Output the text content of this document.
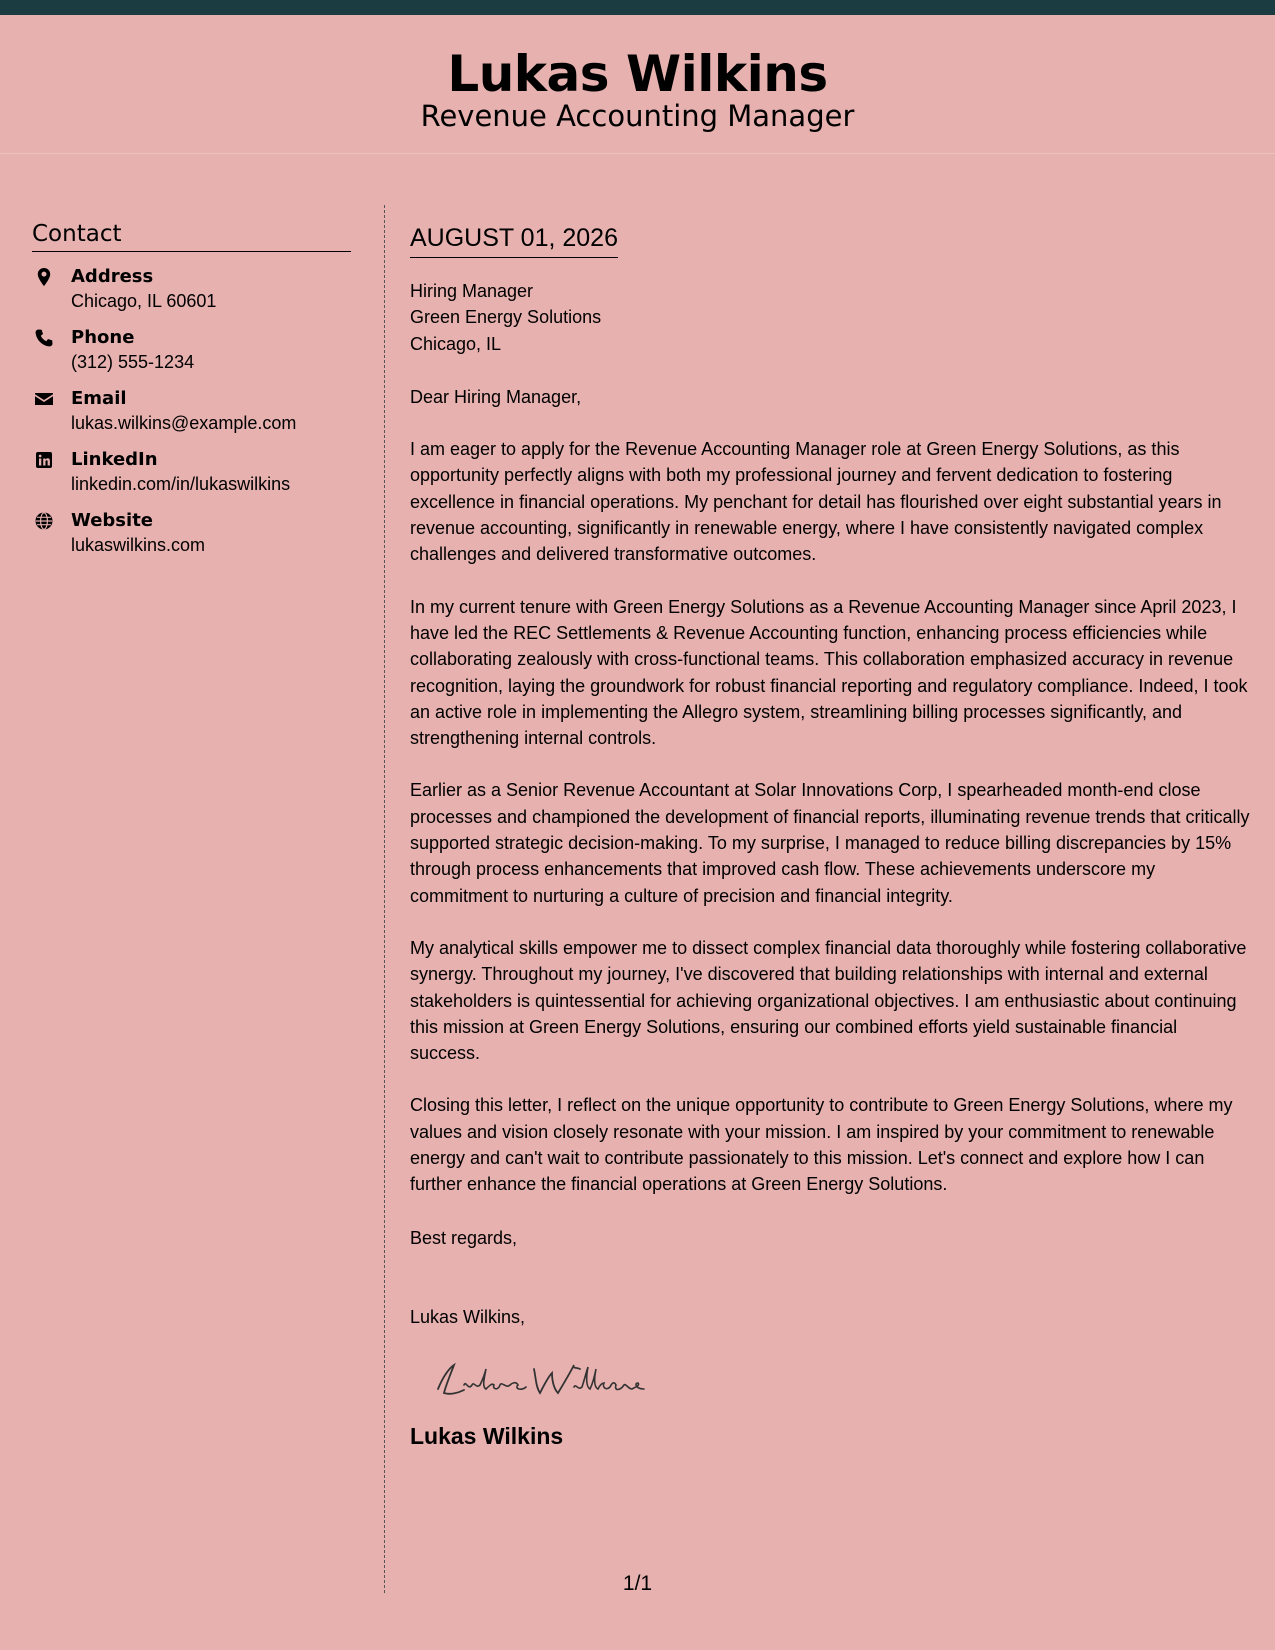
Lukas Wilkins
Revenue Accounting Manager
Contact
Address
Chicago, IL 60601
Phone
(312) 555-1234
Email
lukas.wilkins@example.com
LinkedIn
linkedin.com/in/lukaswilkins
Website
lukaswilkins.com
AUGUST 01, 2026
Hiring Manager
Green Energy Solutions
Chicago, IL
Dear Hiring Manager,
I am eager to apply for the Revenue Accounting Manager role at Green Energy Solutions, as this opportunity perfectly aligns with both my professional journey and fervent dedication to fostering excellence in financial operations. My penchant for detail has flourished over eight substantial years in revenue accounting, significantly in renewable energy, where I have consistently navigated complex challenges and delivered transformative outcomes.
In my current tenure with Green Energy Solutions as a Revenue Accounting Manager since April 2023, I have led the REC Settlements & Revenue Accounting function, enhancing process efficiencies while collaborating zealously with cross-functional teams. This collaboration emphasized accuracy in revenue recognition, laying the groundwork for robust financial reporting and regulatory compliance. Indeed, I took an active role in implementing the Allegro system, streamlining billing processes significantly, and strengthening internal controls.
Earlier as a Senior Revenue Accountant at Solar Innovations Corp, I spearheaded month-end close processes and championed the development of financial reports, illuminating revenue trends that critically supported strategic decision-making. To my surprise, I managed to reduce billing discrepancies by 15% through process enhancements that improved cash flow. These achievements underscore my commitment to nurturing a culture of precision and financial integrity.
My analytical skills empower me to dissect complex financial data thoroughly while fostering collaborative synergy. Throughout my journey, I've discovered that building relationships with internal and external stakeholders is quintessential for achieving organizational objectives. I am enthusiastic about continuing this mission at Green Energy Solutions, ensuring our combined efforts yield sustainable financial success.
Closing this letter, I reflect on the unique opportunity to contribute to Green Energy Solutions, where my values and vision closely resonate with your mission. I am inspired by your commitment to renewable energy and can't wait to contribute passionately to this mission. Let's connect and explore how I can further enhance the financial operations at Green Energy Solutions.
Best regards,
Lukas Wilkins,
Lukas Wilkins
1/1
